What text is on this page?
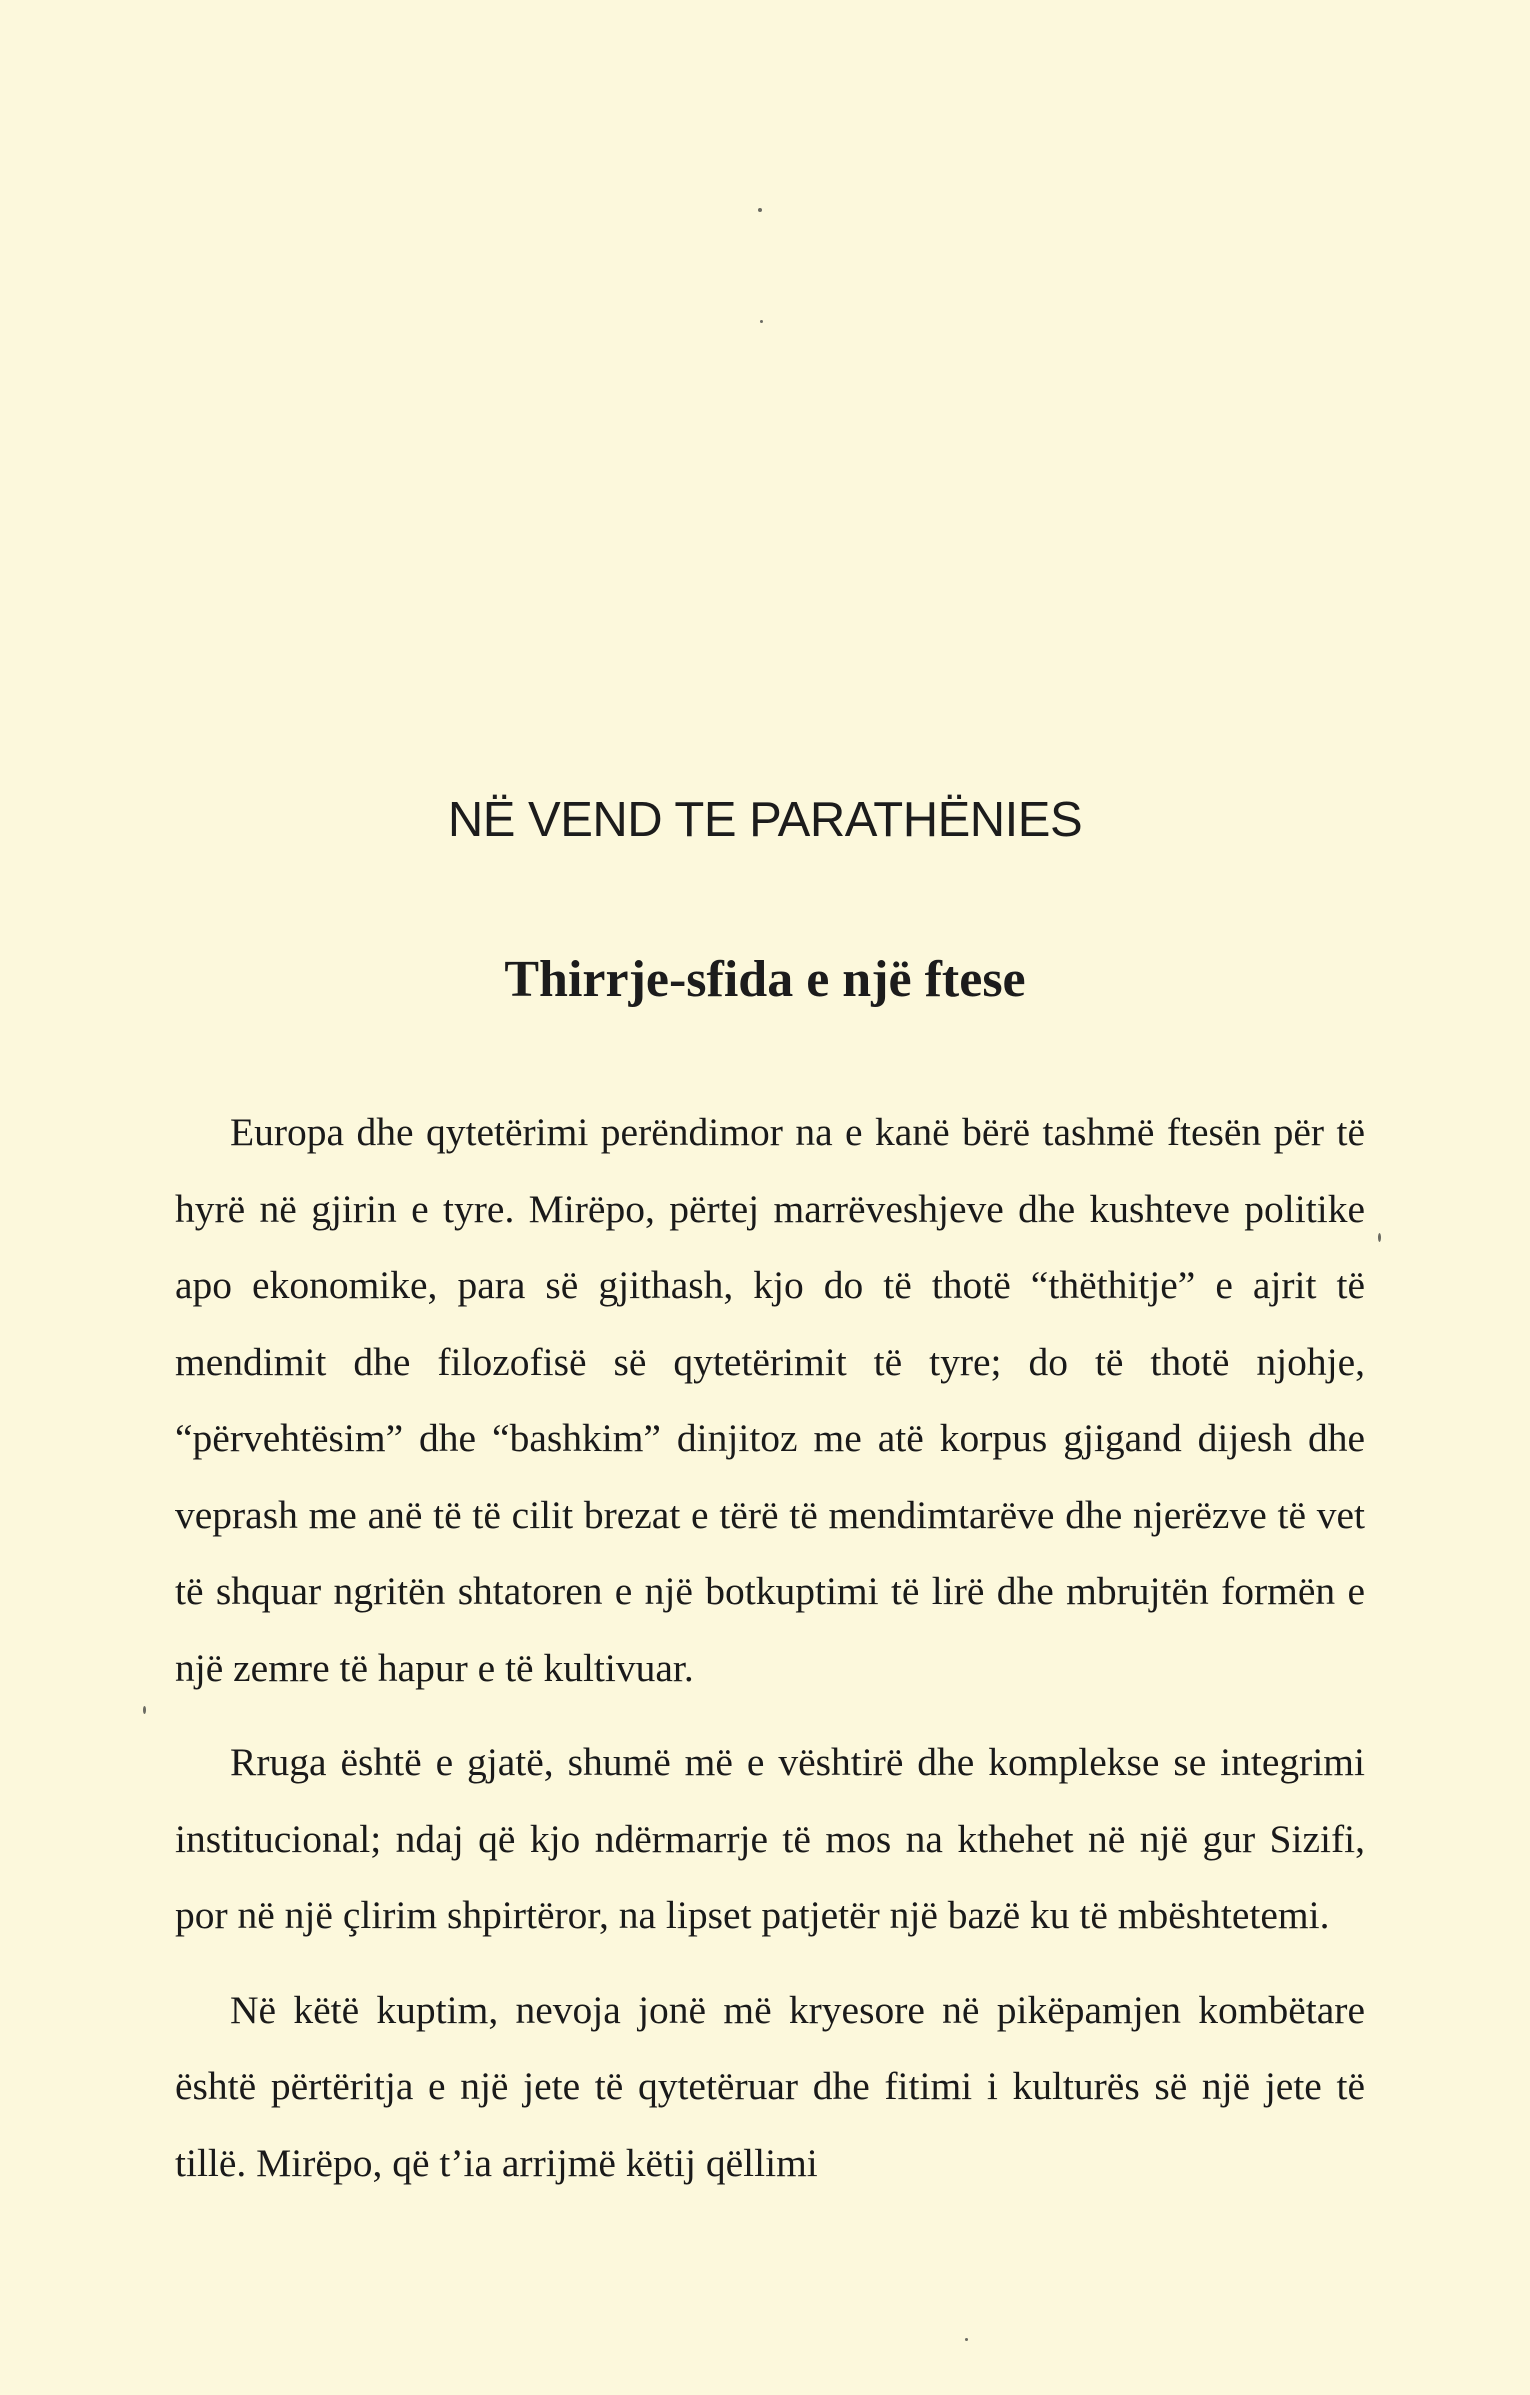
NË VEND TE PARATHËNIES
Thirrje-sfida e një ftese

Europa dhe qytetërimi perëndimor na e kanë bërë tashmë ftesën për të hyrë në gjirin e tyre. Mirëpo, përtej marrëveshjeve dhe kushteve politike apo ekonomike, para së gjithash, kjo do të thotë “thëthitje” e ajrit të mendimit dhe filozofisë së qytetërimit të tyre; do të thotë njohje, “përvehtësim” dhe “bashkim” dinjitoz me atë korpus gjigand dijesh dhe veprash me anë të të cilit brezat e tërë të mendimtarëve dhe njerëzve të vet të shquar ngritën shtatoren e një botkuptimi të lirë dhe mbrujtën formën e një zemre të hapur e të kultivuar.

Rruga është e gjatë, shumë më e vështirë dhe komplekse se integrimi institucional; ndaj që kjo ndërmarrje të mos na kthehet në një gur Sizifi, por në një çlirim shpirtëror, na lipset patjetër një bazë ku të mbështetemi.

Në këtë kuptim, nevoja jonë më kryesore në pikëpamjen kombëtare është përtëritja e një jete të qytetëruar dhe fitimi i kulturës së një jete të tillë. Mirëpo, që t’ia arrijmë këtij qëllimi
